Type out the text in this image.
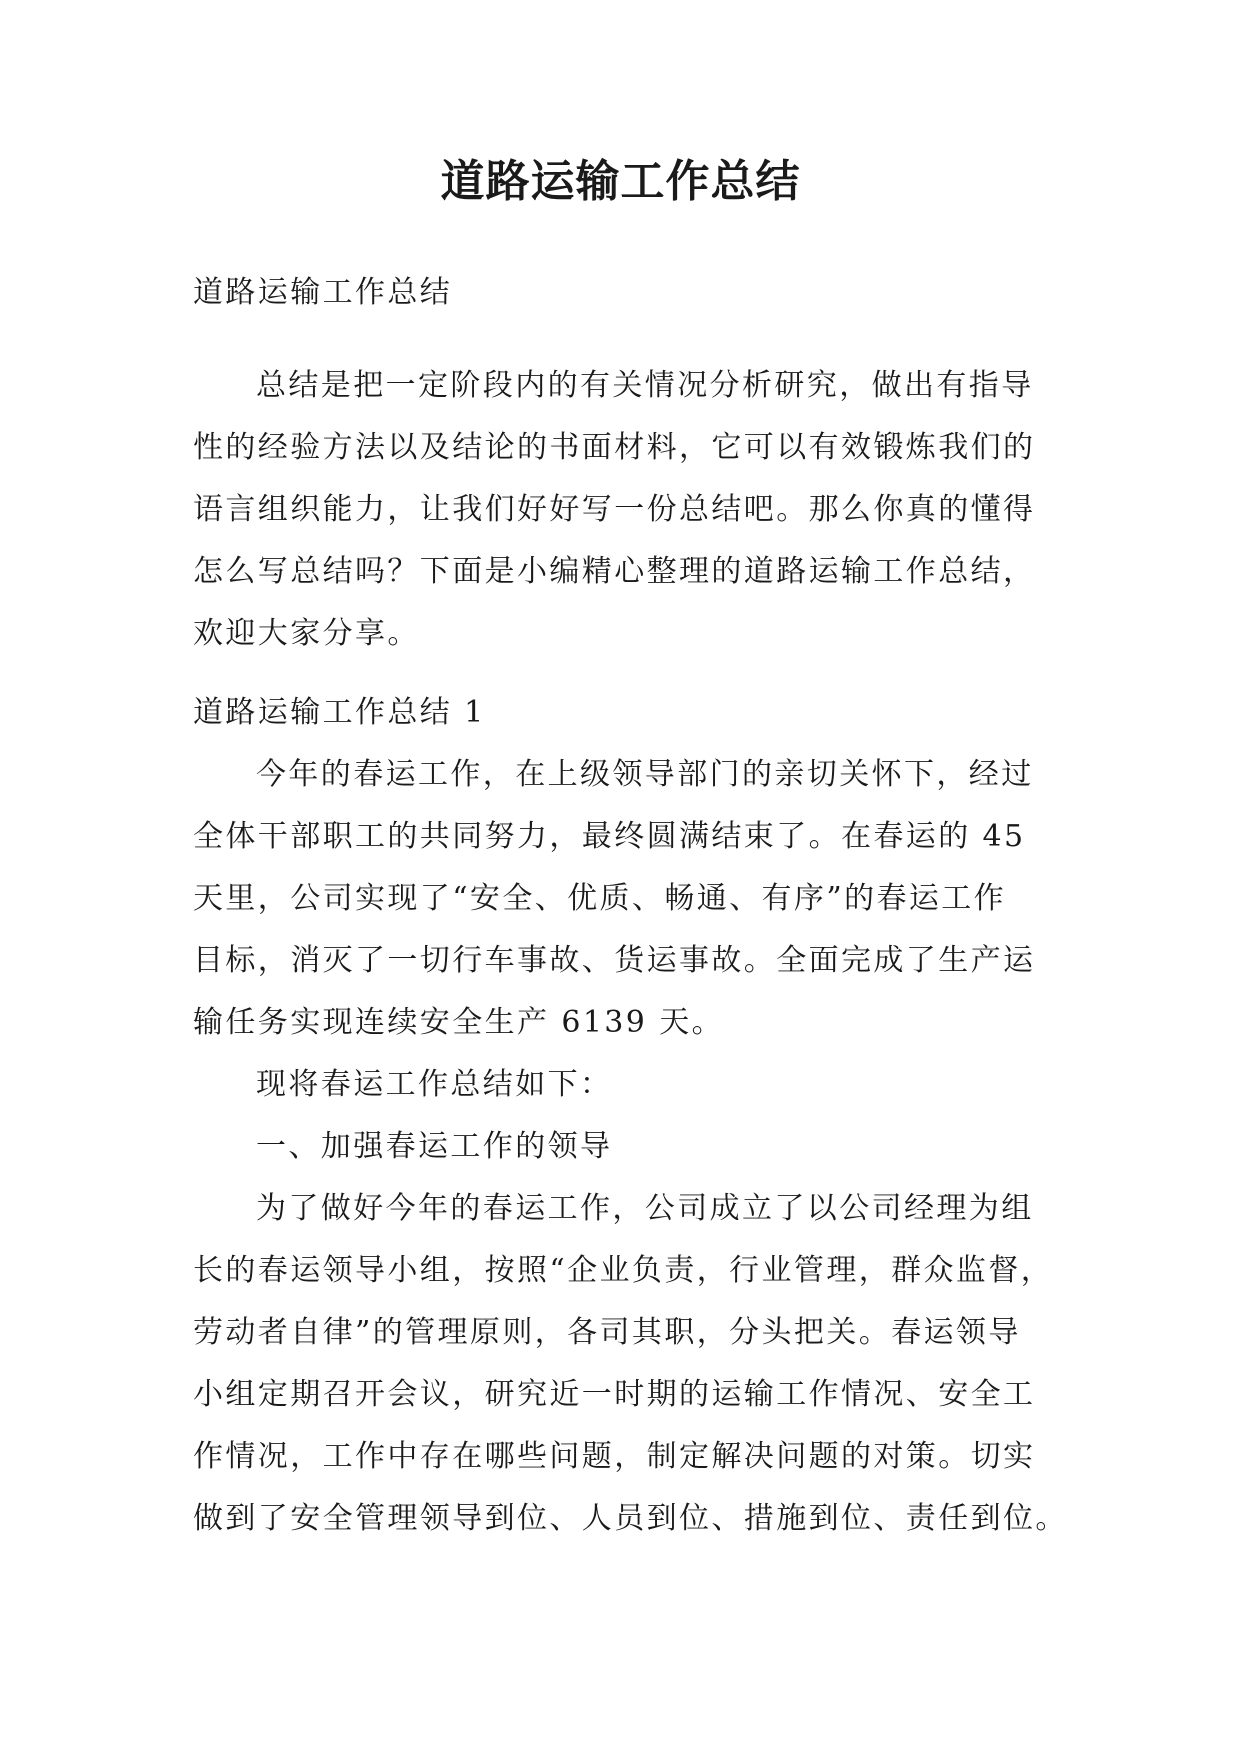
道路运输工作总结

道路运输工作总结

总结是把一定阶段内的有关情况分析研究，做出有指导
性的经验方法以及结论的书面材料，它可以有效锻炼我们的
语言组织能力，让我们好好写一份总结吧。那么你真的懂得
怎么写总结吗？下面是小编精心整理的道路运输工作总结，
欢迎大家分享。

道路运输工作总结 1

今年的春运工作，在上级领导部门的亲切关怀下，经过
全体干部职工的共同努力，最终圆满结束了。在春运的 45
天里，公司实现了“安全、优质、畅通、有序”的春运工作
目标，消灭了一切行车事故、货运事故。全面完成了生产运
输任务实现连续安全生产 6139 天。
现将春运工作总结如下：
一、加强春运工作的领导
为了做好今年的春运工作，公司成立了以公司经理为组
长的春运领导小组，按照“企业负责，行业管理，群众监督，
劳动者自律”的管理原则，各司其职，分头把关。春运领导
小组定期召开会议，研究近一时期的运输工作情况、安全工
作情况，工作中存在哪些问题，制定解决问题的对策。切实
做到了安全管理领导到位、人员到位、措施到位、责任到位。
